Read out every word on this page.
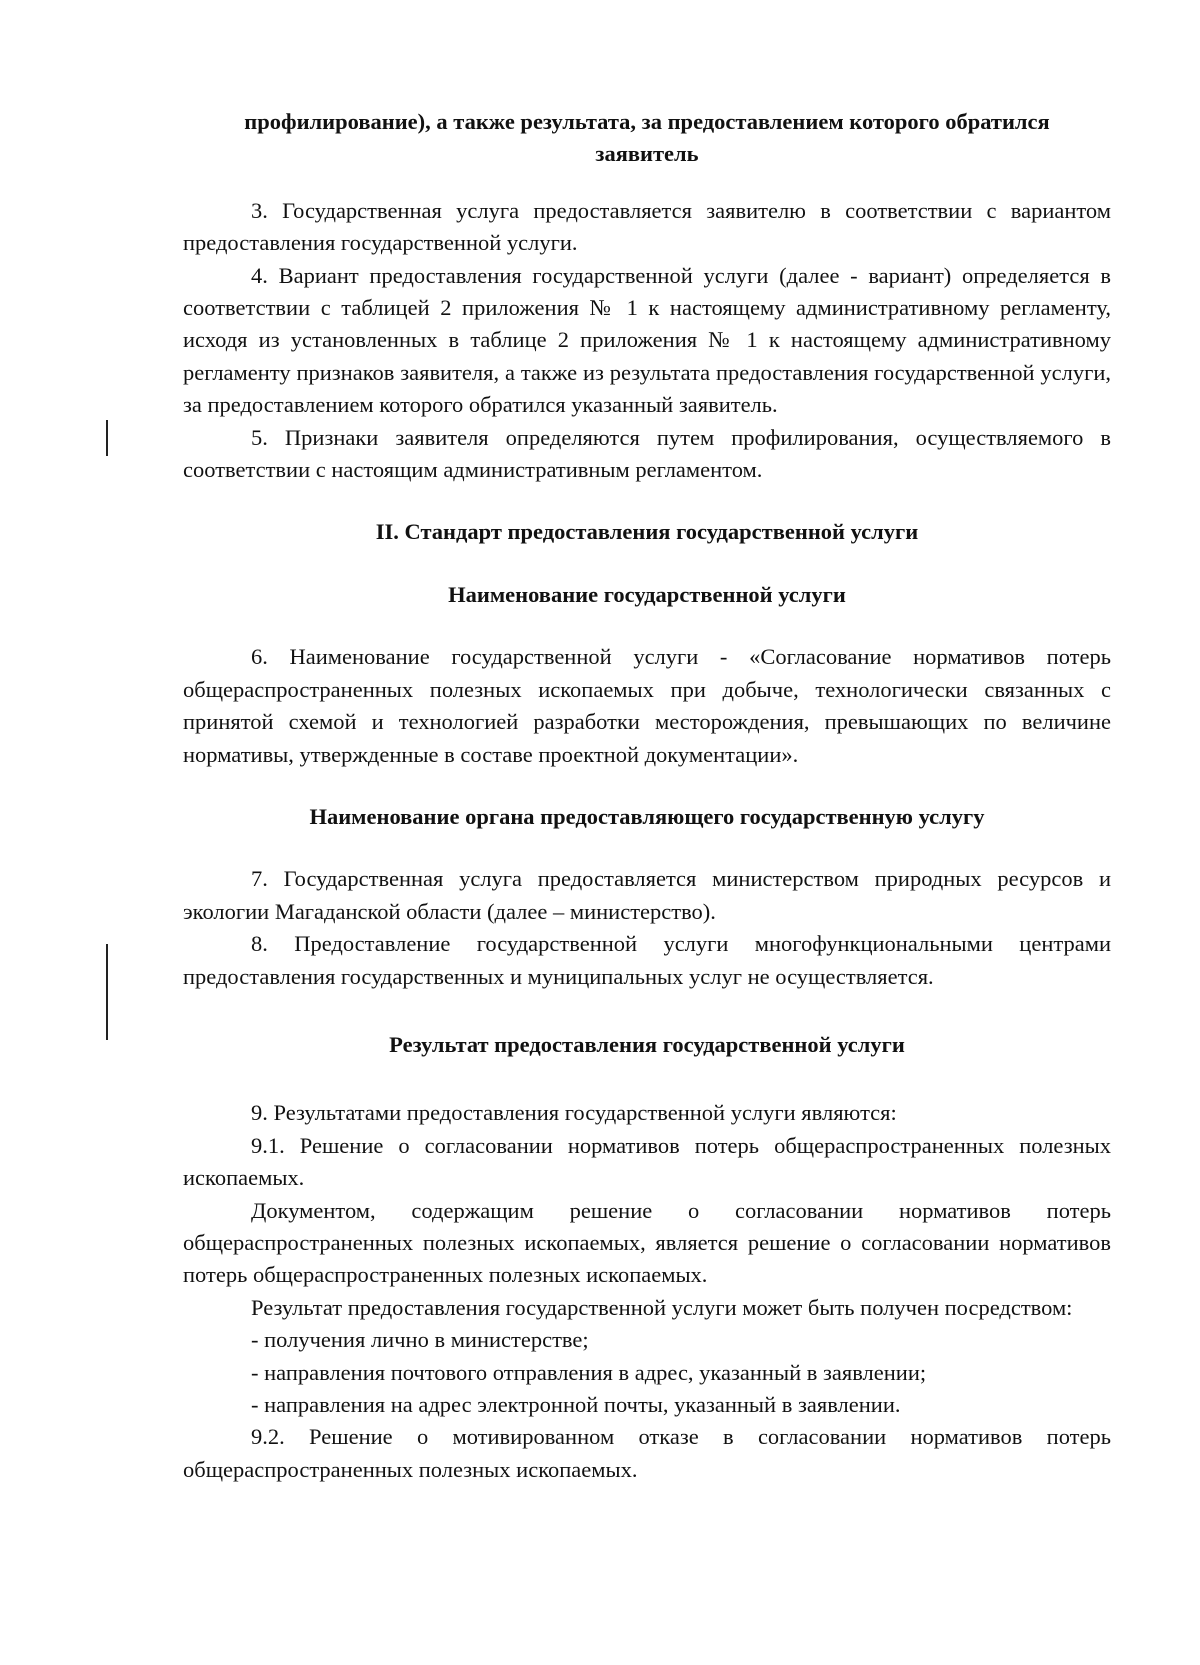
профилирование), а также результата, за предоставлением которого обратился заявитель

3. Государственная услуга предоставляется заявителю в соответствии с вариантом предоставления государственной услуги.

4. Вариант предоставления государственной услуги (далее - вариант) определяется в соответствии с таблицей 2 приложения № 1 к настоящему административному регламенту, исходя из установленных в таблице 2 приложения № 1 к настоящему административному регламенту признаков заявителя, а также из результата предоставления государственной услуги, за предоставлением которого обратился указанный заявитель.

5. Признаки заявителя определяются путем профилирования, осуществляемого в соответствии с настоящим административным регламентом.

II. Стандарт предоставления государственной услуги
Наименование государственной услуги

6. Наименование государственной услуги - «Согласование нормативов потерь общераспространенных полезных ископаемых при добыче, технологически связанных с принятой схемой и технологией разработки месторождения, превышающих по величине нормативы, утвержденные в составе проектной документации».

Наименование органа предоставляющего государственную услугу

7. Государственная услуга предоставляется министерством природных ресурсов и экологии Магаданской области (далее – министерство).

8. Предоставление государственной услуги многофункциональными центрами предоставления государственных и муниципальных услуг не осуществляется.

Результат предоставления государственной услуги

9. Результатами предоставления государственной услуги являются:

9.1. Решение о согласовании нормативов потерь общераспространенных полезных ископаемых.

Документом, содержащим решение о согласовании нормативов потерь общераспространенных полезных ископаемых, является решение о согласовании нормативов потерь общераспространенных полезных ископаемых.

Результат предоставления государственной услуги может быть получен посредством:

- получения лично в министерстве;

- направления почтового отправления в адрес, указанный в заявлении;

- направления на адрес электронной почты, указанный в заявлении.

9.2. Решение о мотивированном отказе в согласовании нормативов потерь общераспространенных полезных ископаемых.
